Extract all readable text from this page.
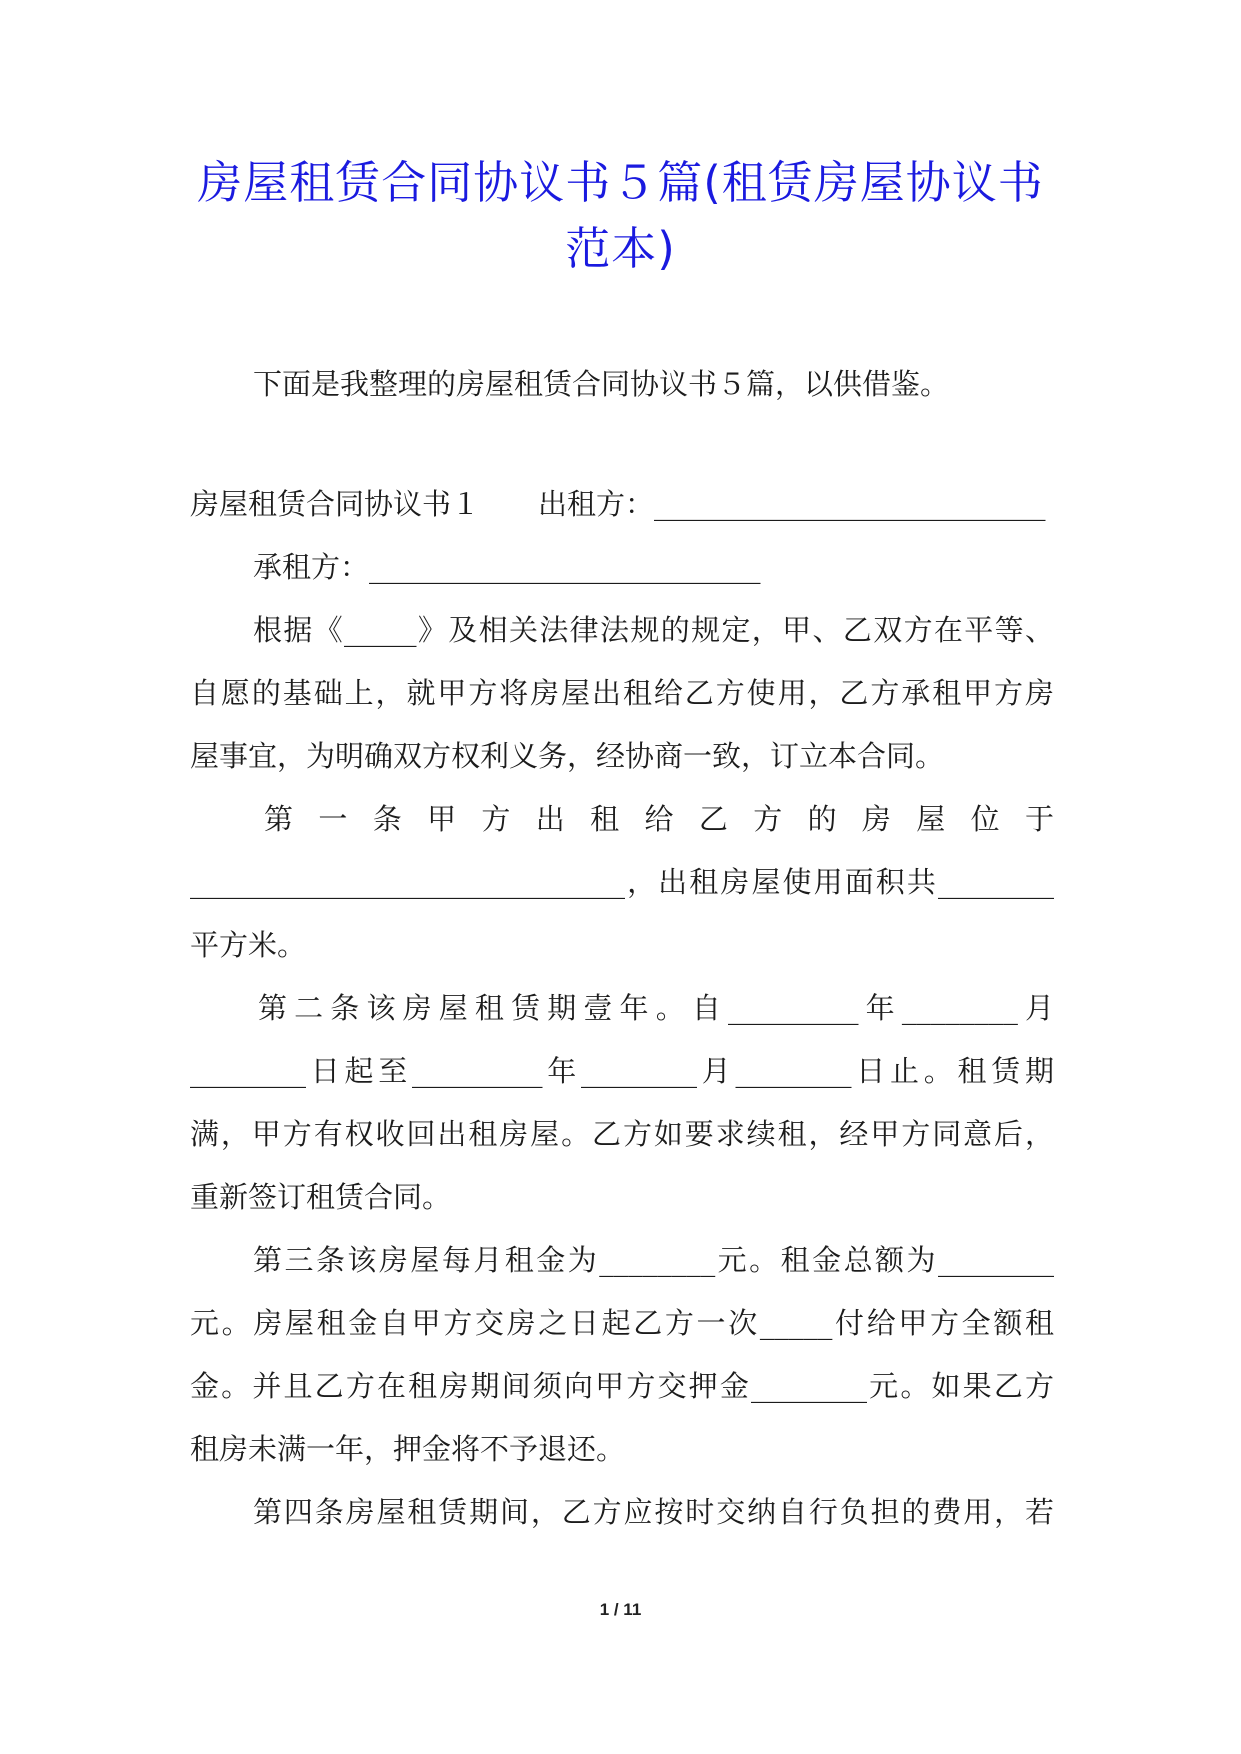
房屋租赁合同协议书５篇(租赁房屋协议书
范本)
下面是我整理的房屋租赁合同协议书５篇，以供借鉴。
房屋租赁合同协议书１　　出租方：___________________________
承租方：___________________________
根据《_____》及相关法律法规的规定，甲、乙双方在平等、
自愿的基础上，就甲方将房屋出租给乙方使用，乙方承租甲方房
屋事宜，为明确双方权利义务，经协商一致，订立本合同。
第 一 条 甲 方 出 租 给 乙 方 的 房 屋 位 于
______________________________，出租房屋使用面积共________
平方米。
第二条该房屋租赁期壹年。自_________年________月
________日起至_________年________月________日止。租赁期
满，甲方有权收回出租房屋。乙方如要求续租，经甲方同意后，
重新签订租赁合同。
第三条该房屋每月租金为________元。租金总额为________
元。房屋租金自甲方交房之日起乙方一次_____付给甲方全额租
金。并且乙方在租房期间须向甲方交押金________元。如果乙方
租房未满一年，押金将不予退还。
第四条房屋租赁期间，乙方应按时交纳自行负担的费用，若
1 / 11
